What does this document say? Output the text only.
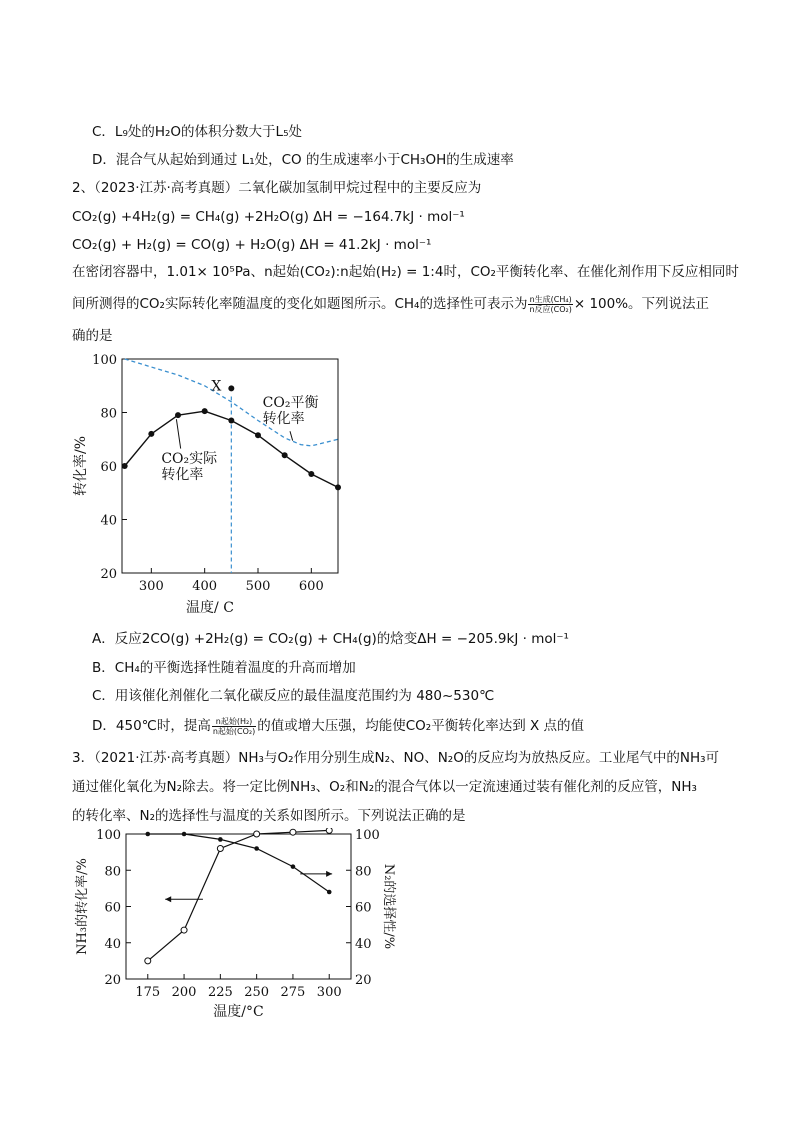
C．L₉处的H₂O的体积分数大于L₅处
D．混合气从起始到通过 L₁处，CO 的生成速率小于CH₃OH的生成速率
2、（2023·江苏·高考真题）二氧化碳加氢制甲烷过程中的主要反应为
CO₂(g) +4H₂(g) = CH₄(g) +2H₂O(g) ΔH = −164.7kJ · mol⁻¹
CO₂(g) + H₂(g) = CO(g) + H₂O(g) ΔH = 41.2kJ · mol⁻¹
在密闭容器中，1.01× 10⁵Pa、n起始(CO₂):n起始(H₂) = 1:4时，CO₂平衡转化率、在催化剂作用下反应相同时
间所测得的CO₂实际转化率随温度的变化如题图所示。CH₄的选择性可表示为 $\frac{\text{n生成(CH₄)}}{\text{n反应(CO₂)}} \times 100\%$。下列说法正
确的是
300 400 500 600
20
40
60
80
100
温度/ C
转化率/%
X
CO₂平衡
转化率
CO₂实际
转化率
A．反应2CO(g) +2H₂(g) = CO₂(g) + CH₄(g)的焓变ΔH = −205.9kJ · mol⁻¹
B．CH₄的平衡选择性随着温度的升高而增加
C．用该催化剂催化二氧化碳反应的最佳温度范围约为 480~530℃
D．450℃时，提高 $\frac{\text{n起始(H₂)}}{\text{n起始(CO₂)}}$ 的值或增大压强，均能使CO₂平衡转化率达到 X 点的值
3．（2021·江苏·高考真题）NH₃与O₂作用分别生成N₂、NO、N₂O的反应均为放热反应。工业尾气中的NH₃可
通过催化氧化为N₂除去。将一定比例NH₃、O₂和N₂的混合气体以一定流速通过装有催化剂的反应管，NH₃
的转化率、N₂的选择性与温度的关系如图所示。下列说法正确的是
175 200 225 250 275 300
20	20
40	40
60	60
80	80
100	100
温度/°C
NH₃的转化率/%	N₂的选择性/%
